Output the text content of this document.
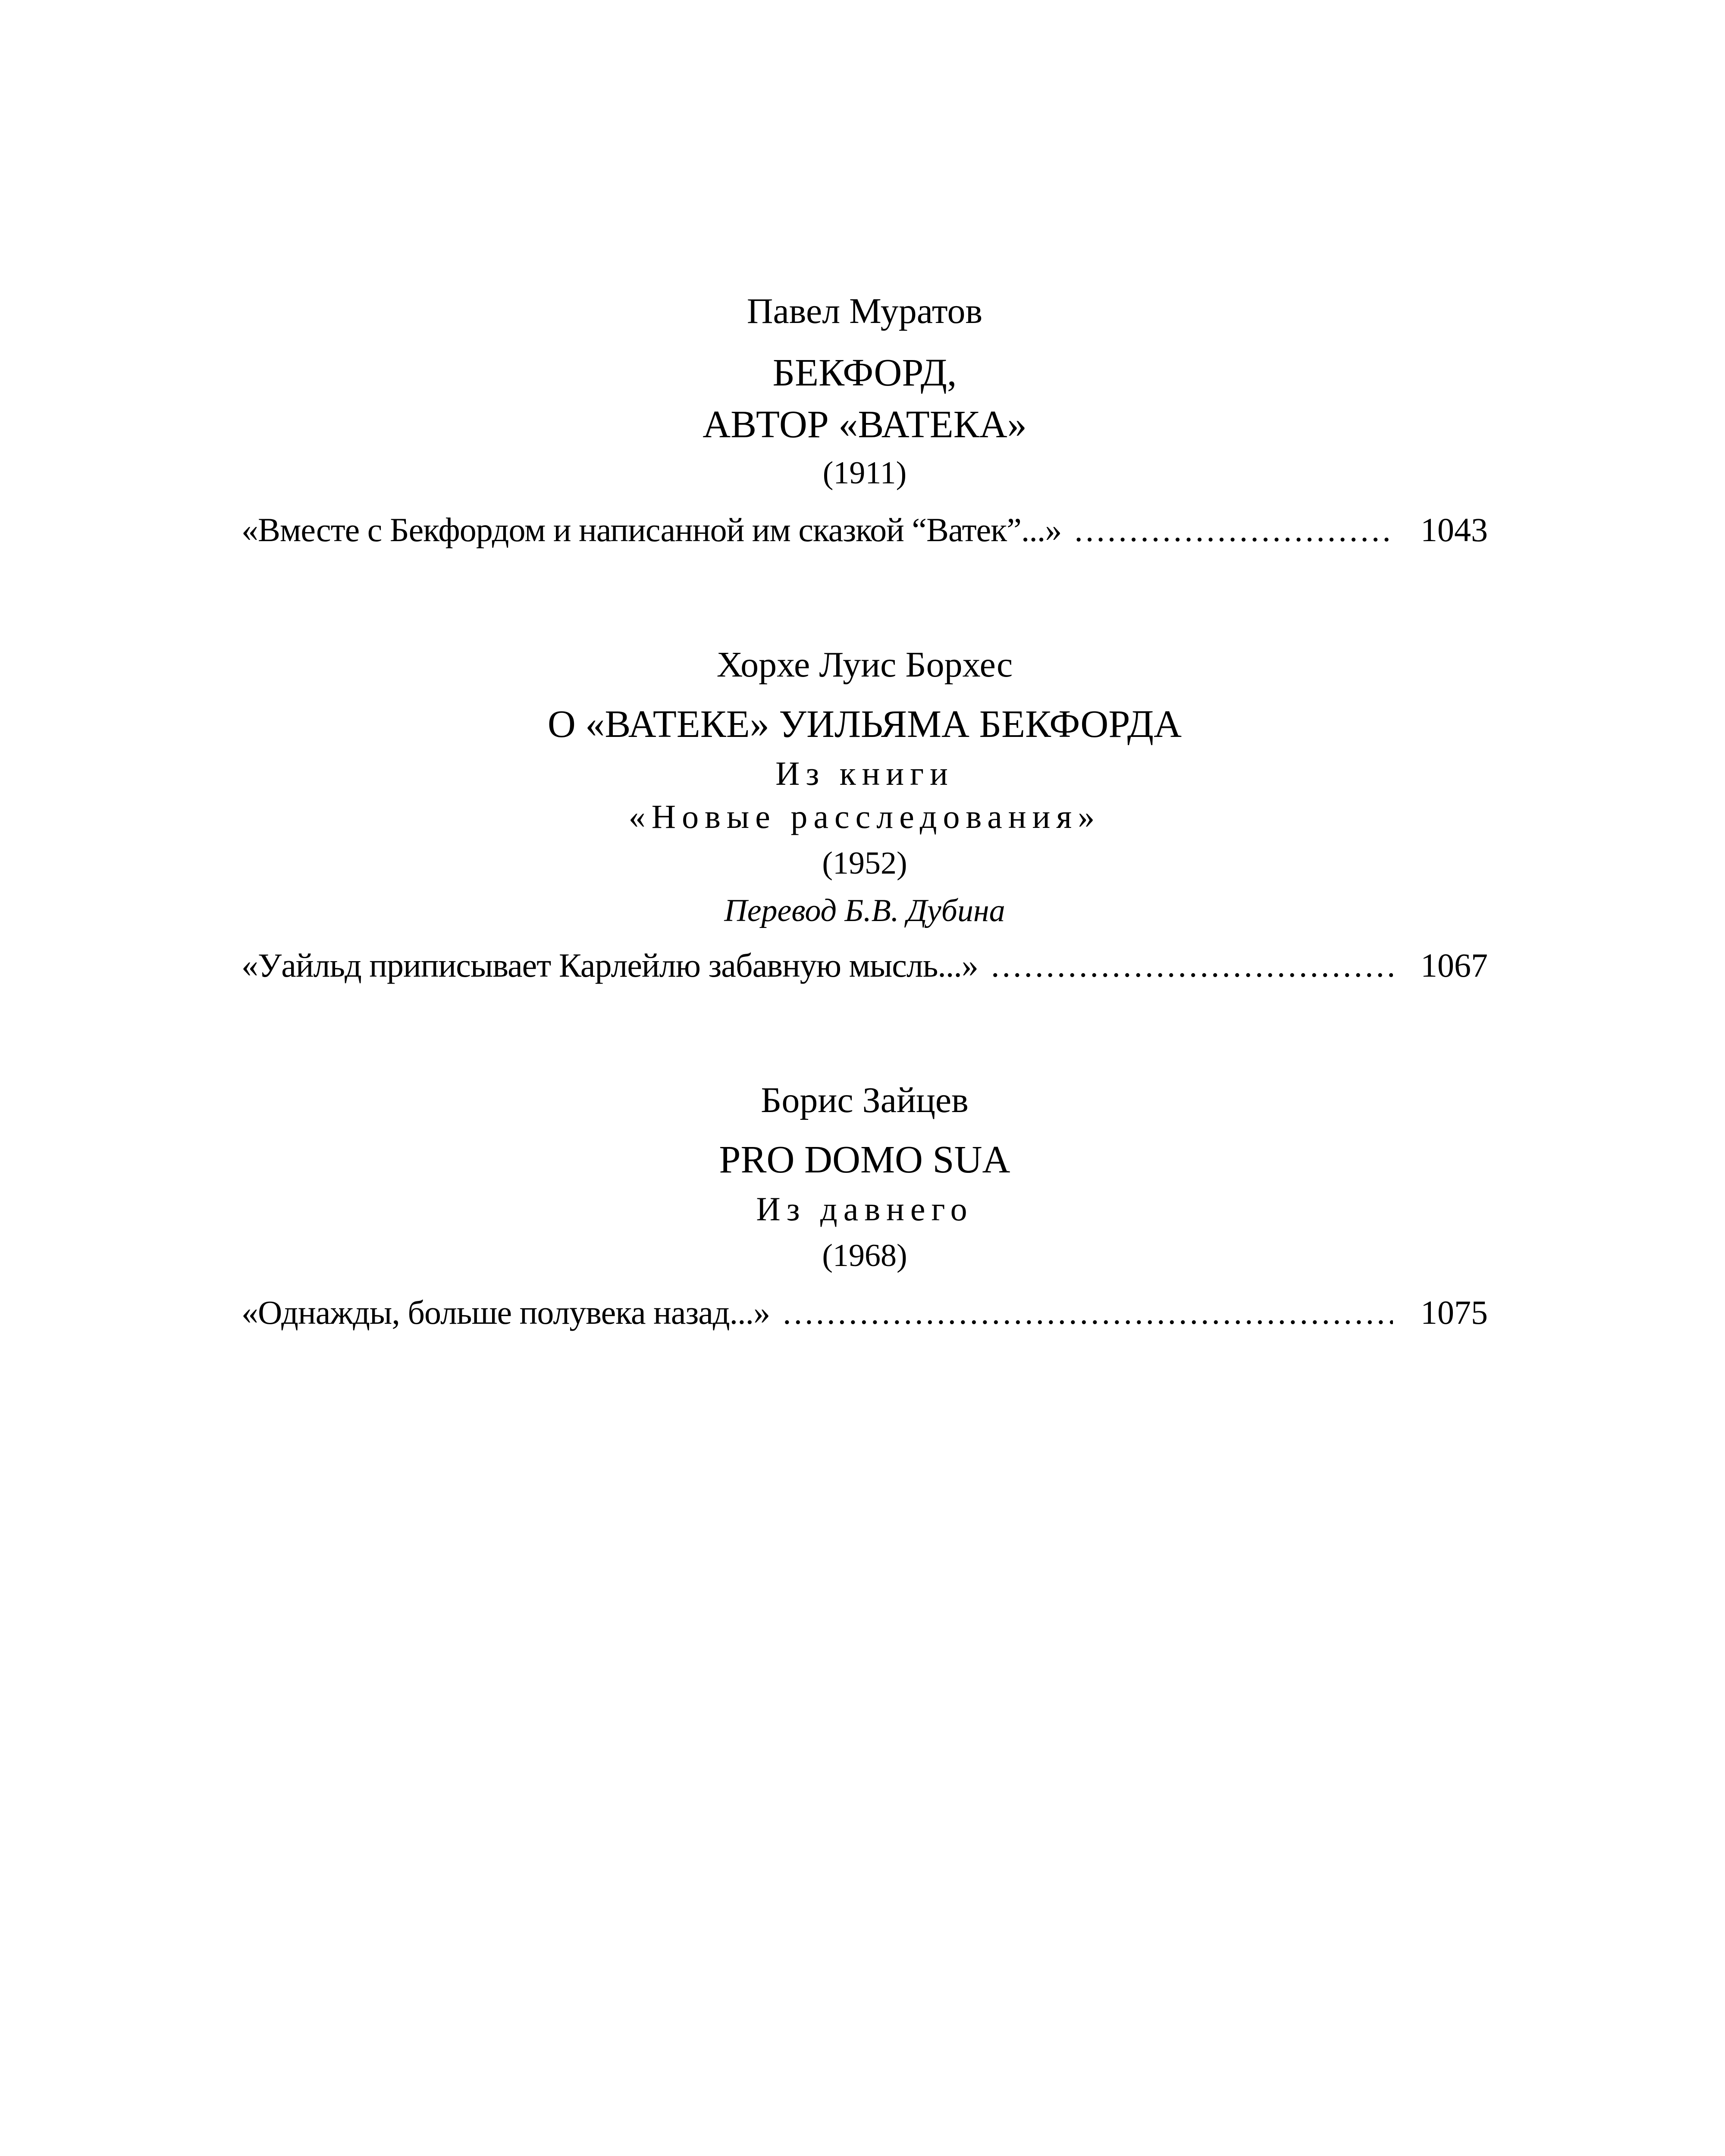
Павел Муратов
БЕКФОРД,
АВТОР «ВАТЕКА»
(1911)
«Вместе с Бекфордом и написанной им сказкой “Ватек”...» .....	1043
Хорхе Луис Борхес
О «ВАТЕКЕ» УИЛЬЯМА БЕКФОРДА
Из книги
«Новые расследования»
(1952)
Перевод Б.В. Дубина
«Уайльд приписывает Карлейлю забавную мысль...» .....	1067
Борис Зайцев
PRO DOMO SUA
Из давнего
(1968)
«Однажды, больше полувека назад...» .....	1075
